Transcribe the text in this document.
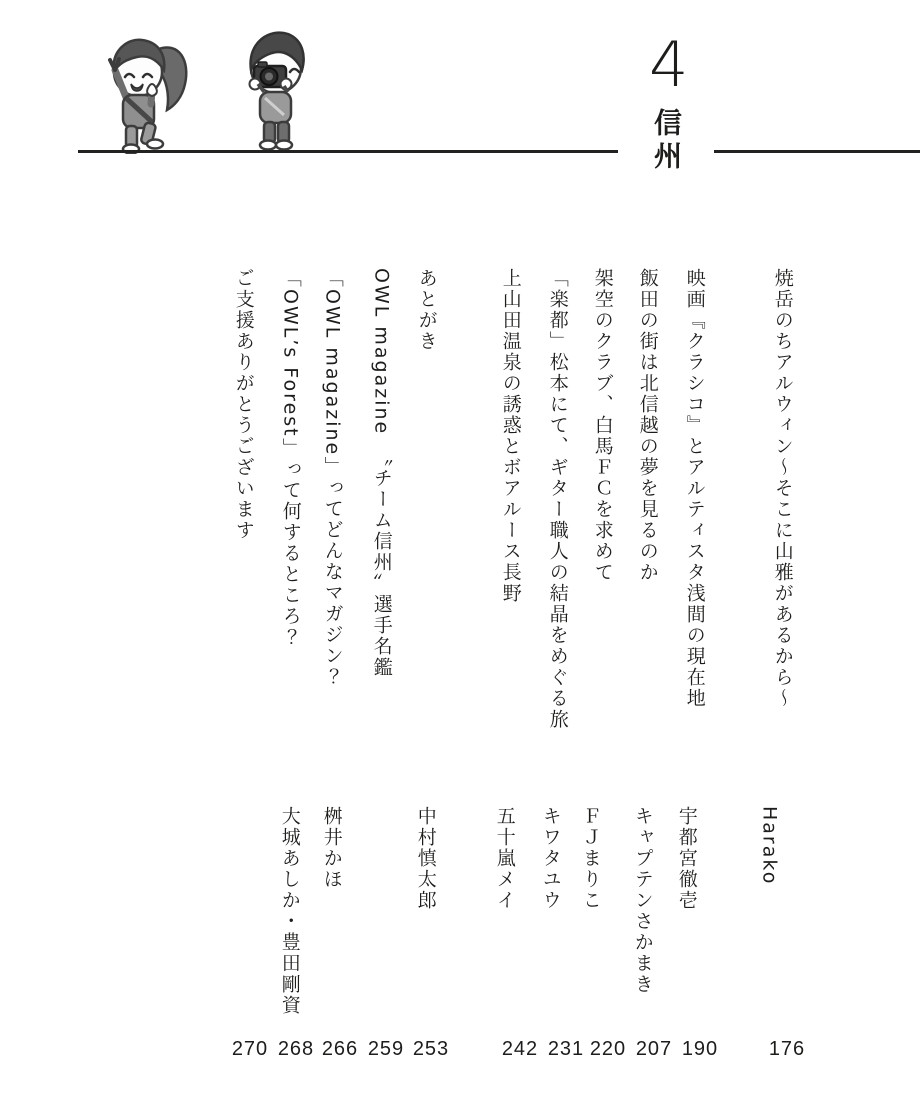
4
信州
焼岳のちアルウィン～そこに山雅があるから～
映画『クラシコ』とアルティスタ浅間の現在地
飯田の街は北信越の夢を見るのか
架空のクラブ、白馬ＦＣを求めて
「楽都」松本にて、ギター職人の結晶をめぐる旅
上山田温泉の誘惑とボアルース長野
あとがき
OWL magazine　〝チーム信州〟選手名鑑
「OWL magazine」ってどんなマガジン？
「OWL’s Forest」って何するところ？
ご支援ありがとうございます
Harako
宇都宮徹壱
キャプテンさかまき
ＦＪまりこ
キワタユウ
五十嵐メイ
中村慎太郎
桝井かほ
大城あしか・豊田剛資
176
190
207
220
231
242
253
259
266
268
270
